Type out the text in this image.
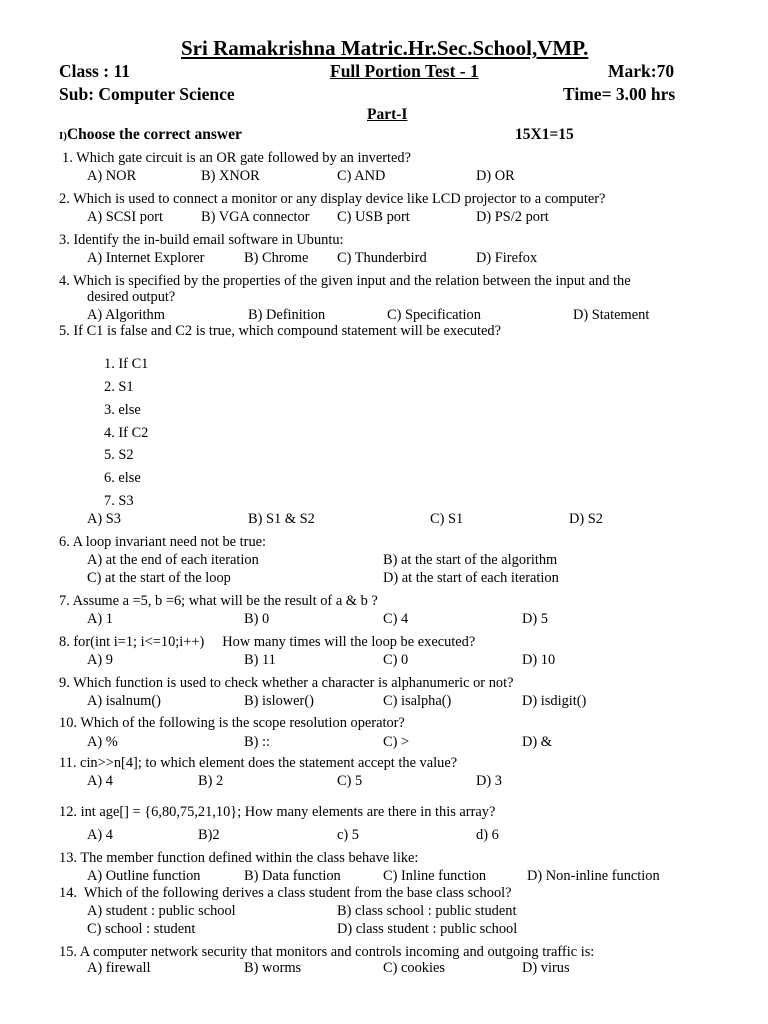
Sri Ramakrishna Matric.Hr.Sec.School,VMP.
Class : 11	Full Portion Test - 1	Mark:70
Sub: Computer Science	Time= 3.00 hrs
Part-I
I)Choose the correct answer	15X1=15
1. Which gate circuit is an OR gate followed by an inverted?
A) NOR	B) XNOR	C) AND	D) OR
2. Which is used to connect a monitor or any display device like LCD projector to a computer?
A) SCSI port	B) VGA connector C) USB port	D) PS/2 port
3. Identify the in-build email software in Ubuntu:
A) Internet Explorer	B) Chrome C) Thunderbird	D) Firefox
4. Which is specified by the properties of the given input and the relation between the input and the
desired output?
A) Algorithm	B) Definition	C) Specification	D) Statement
5. If C1 is false and C2 is true, which compound statement will be executed?
1. If C1
2. S1
3. else
4. If C2
5. S2
6. else
7. S3
A) S3	B) S1 & S2	C) S1	D) S2
6. A loop invariant need not be true:
A) at the end of each iteration	B) at the start of the algorithm
C) at the start of the loop	D) at the start of each iteration
7. Assume a =5, b =6; what will be the result of a & b ?
A) 1	B) 0	C) 4	D) 5
8. for(int i=1; i<=10;i++)     How many times will the loop be executed?
A) 9	B) 11	C) 0	D) 10
9. Which function is used to check whether a character is alphanumeric or not?
A) isalnum()	B) islower()	C) isalpha()	D) isdigit()
10. Which of the following is the scope resolution operator?
A) %	B) ::	C) >	D) &
11. cin>>n[4]; to which element does the statement accept the value?
A) 4	B) 2	C) 5	D) 3
12. int age[] = {6,80,75,21,10}; How many elements are there in this array?
A) 4	B)2	c) 5	d) 6
13. The member function defined within the class behave like:
A) Outline function	B) Data function	C) Inline function	D) Non-inline function
14.  Which of the following derives a class student from the base class school?
A) student : public school	B) class school : public student
C) school : student	D) class student : public school
15. A computer network security that monitors and controls incoming and outgoing traffic is:
A) firewall	B) worms	C) cookies	D) virus
